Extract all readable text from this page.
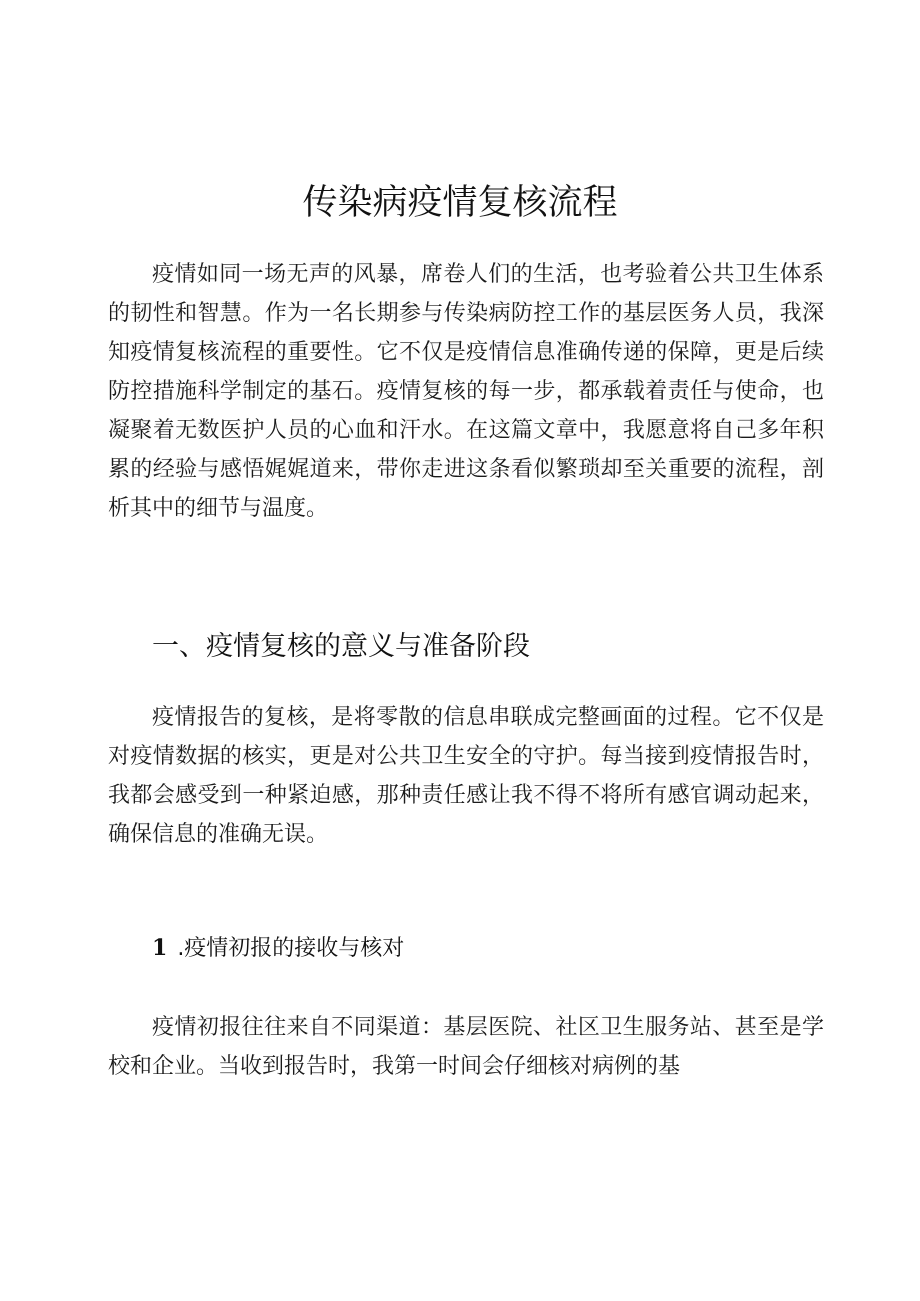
传染病疫情复核流程

疫情如同一场无声的风暴，席卷人们的生活，也考验着公共卫生体系的韧性和智慧。作为一名长期参与传染病防控工作的基层医务人员，我深知疫情复核流程的重要性。它不仅是疫情信息准确传递的保障，更是后续防控措施科学制定的基石。疫情复核的每一步，都承载着责任与使命，也凝聚着无数医护人员的心血和汗水。在这篇文章中，我愿意将自己多年积累的经验与感悟娓娓道来，带你走进这条看似繁琐却至关重要的流程，剖析其中的细节与温度。

一、疫情复核的意义与准备阶段

疫情报告的复核，是将零散的信息串联成完整画面的过程。它不仅是对疫情数据的核实，更是对公共卫生安全的守护。每当接到疫情报告时，我都会感受到一种紧迫感，那种责任感让我不得不将所有感官调动起来，确保信息的准确无误。

1 .疫情初报的接收与核对

疫情初报往往来自不同渠道：基层医院、社区卫生服务站、甚至是学校和企业。当收到报告时，我第一时间会仔细核对病例的基
